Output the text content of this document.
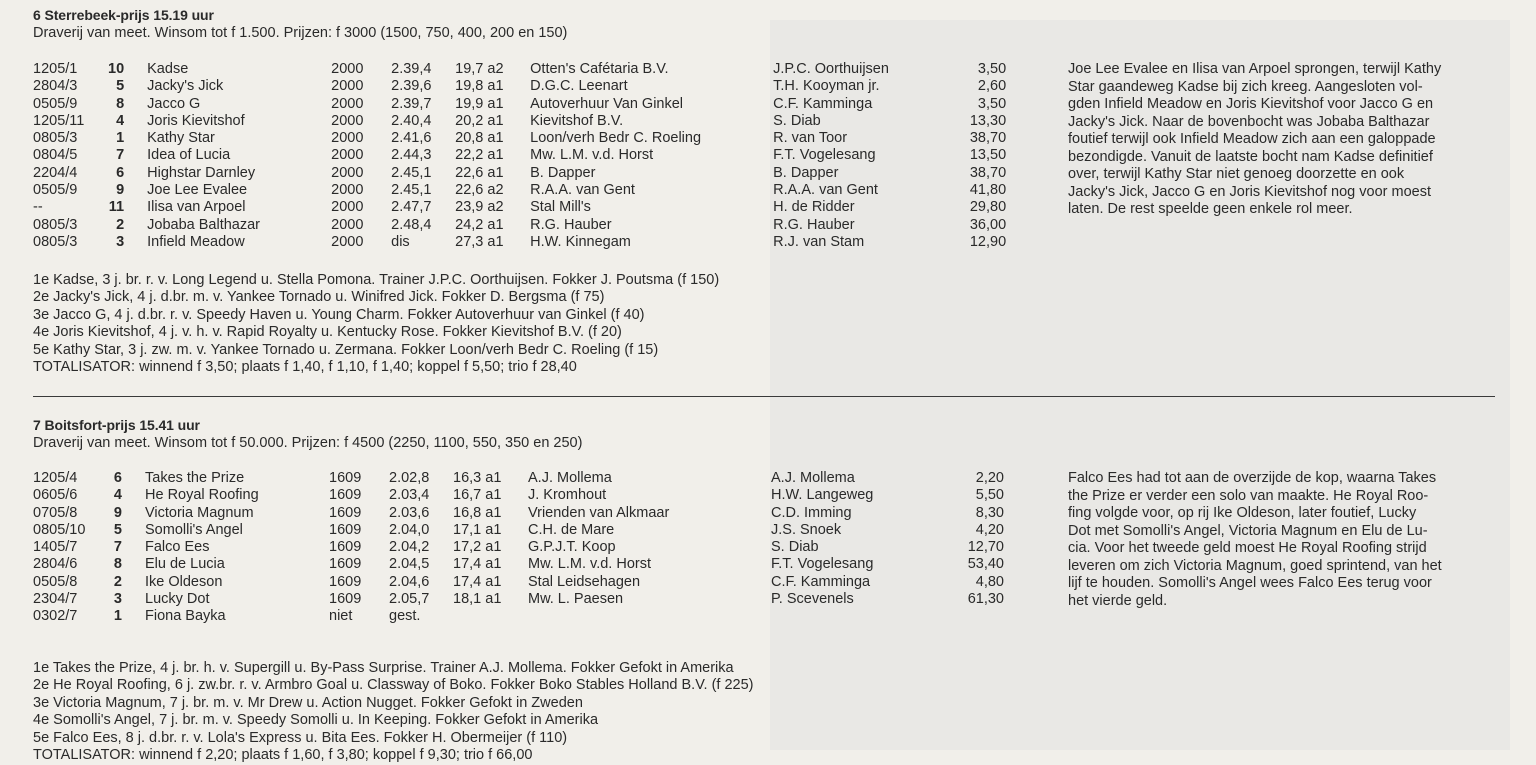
6 Sterrebeek-prijs 15.19 uur
Draverij van meet. Winsom tot f 1.500. Prijzen: f 3000 (1500, 750, 400, 200 en 150)
1205/1	10		Kadse	2000	2.39,4	19,7 a2	Otten's Cafétaria B.V.	J.P.C. Oorthuijsen	3,50
2804/3	5		Jacky's Jick	2000	2.39,6	19,8 a1	D.G.C. Leenart	T.H. Kooyman jr.	2,60
0505/9	8		Jacco G	2000	2.39,7	19,9 a1	Autoverhuur Van Ginkel	C.F. Kamminga	3,50
1205/11	4		Joris Kievitshof	2000	2.40,4	20,2 a1	Kievitshof B.V.	S. Diab	13,30
0805/3	1		Kathy Star	2000	2.41,6	20,8 a1	Loon/verh Bedr C. Roeling	R. van Toor	38,70
0804/5	7		Idea of Lucia	2000	2.44,3	22,2 a1	Mw. L.M. v.d. Horst	F.T. Vogelesang	13,50
2204/4	6		Highstar Darnley	2000	2.45,1	22,6 a1	B. Dapper	B. Dapper	38,70
0505/9	9		Joe Lee Evalee	2000	2.45,1	22,6 a2	R.A.A. van Gent	R.A.A. van Gent	41,80
--	11		Ilisa van Arpoel	2000	2.47,7	23,9 a2	Stal Mill's	H. de Ridder	29,80
0805/3	2		Jobaba Balthazar	2000	2.48,4	24,2 a1	R.G. Hauber	R.G. Hauber	36,00
0805/3	3		Infield Meadow	2000	dis	27,3 a1	H.W. Kinnegam	R.J. van Stam	12,90
Joe Lee Evalee en Ilisa van Arpoel sprongen, terwijl Kathy
Star gaandeweg Kadse bij zich kreeg. Aangesloten vol-
gden Infield Meadow en Joris Kievitshof voor Jacco G en
Jacky's Jick. Naar de bovenbocht was Jobaba Balthazar
foutief terwijl ook Infield Meadow zich aan een galoppade
bezondigde. Vanuit de laatste bocht nam Kadse definitief
over, terwijl Kathy Star niet genoeg doorzette en ook
Jacky's Jick, Jacco G en Joris Kievitshof nog voor moest
laten. De rest speelde geen enkele rol meer.
1e Kadse, 3 j. br. r. v. Long Legend u. Stella Pomona. Trainer J.P.C. Oorthuijsen. Fokker J. Poutsma (f 150)
2e Jacky's Jick, 4 j. d.br. m. v. Yankee Tornado u. Winifred Jick. Fokker D. Bergsma (f 75)
3e Jacco G, 4 j. d.br. r. v. Speedy Haven u. Young Charm. Fokker Autoverhuur van Ginkel (f 40)
4e Joris Kievitshof, 4 j. v. h. v. Rapid Royalty u. Kentucky Rose. Fokker Kievitshof B.V. (f 20)
5e Kathy Star, 3 j. zw. m. v. Yankee Tornado u. Zermana. Fokker Loon/verh Bedr C. Roeling (f 15)
TOTALISATOR: winnend f 3,50; plaats f 1,40, f 1,10, f 1,40; koppel f 5,50; trio f 28,40
7 Boitsfort-prijs 15.41 uur
Draverij van meet. Winsom tot f 50.000. Prijzen: f 4500 (2250, 1100, 550, 350 en 250)
1205/4	6		Takes the Prize	1609	2.02,8	16,3 a1	A.J. Mollema	A.J. Mollema	2,20
0605/6	4		He Royal Roofing	1609	2.03,4	16,7 a1	J. Kromhout	H.W. Langeweg	5,50
0705/8	9		Victoria Magnum	1609	2.03,6	16,8 a1	Vrienden van Alkmaar	C.D. Imming	8,30
0805/10	5		Somolli's Angel	1609	2.04,0	17,1 a1	C.H. de Mare	J.S. Snoek	4,20
1405/7	7		Falco Ees	1609	2.04,2	17,2 a1	G.P.J.T. Koop	S. Diab	12,70
2804/6	8		Elu de Lucia	1609	2.04,5	17,4 a1	Mw. L.M. v.d. Horst	F.T. Vogelesang	53,40
0505/8	2		Ike Oldeson	1609	2.04,6	17,4 a1	Stal Leidsehagen	C.F. Kamminga	4,80
2304/7	3		Lucky Dot	1609	2.05,7	18,1 a1	Mw. L. Paesen	P. Scevenels	61,30
0302/7	1		Fiona Bayka	niet	gest.				
Falco Ees had tot aan de overzijde de kop, waarna Takes
the Prize er verder een solo van maakte. He Royal Roo-
fing volgde voor, op rij Ike Oldeson, later foutief, Lucky
Dot met Somolli's Angel, Victoria Magnum en Elu de Lu-
cia. Voor het tweede geld moest He Royal Roofing strijd
leveren om zich Victoria Magnum, goed sprintend, van het
lijf te houden. Somolli's Angel wees Falco Ees terug voor
het vierde geld.
1e Takes the Prize, 4 j. br. h. v. Supergill u. By-Pass Surprise. Trainer A.J. Mollema. Fokker Gefokt in Amerika
2e He Royal Roofing, 6 j. zw.br. r. v. Armbro Goal u. Classway of Boko. Fokker Boko Stables Holland B.V. (f 225)
3e Victoria Magnum, 7 j. br. m. v. Mr Drew u. Action Nugget. Fokker Gefokt in Zweden
4e Somolli's Angel, 7 j. br. m. v. Speedy Somolli u. In Keeping. Fokker Gefokt in Amerika
5e Falco Ees, 8 j. d.br. r. v. Lola's Express u. Bita Ees. Fokker H. Obermeijer (f 110)
TOTALISATOR: winnend f 2,20; plaats f 1,60, f 3,80; koppel f 9,30; trio f 66,00
